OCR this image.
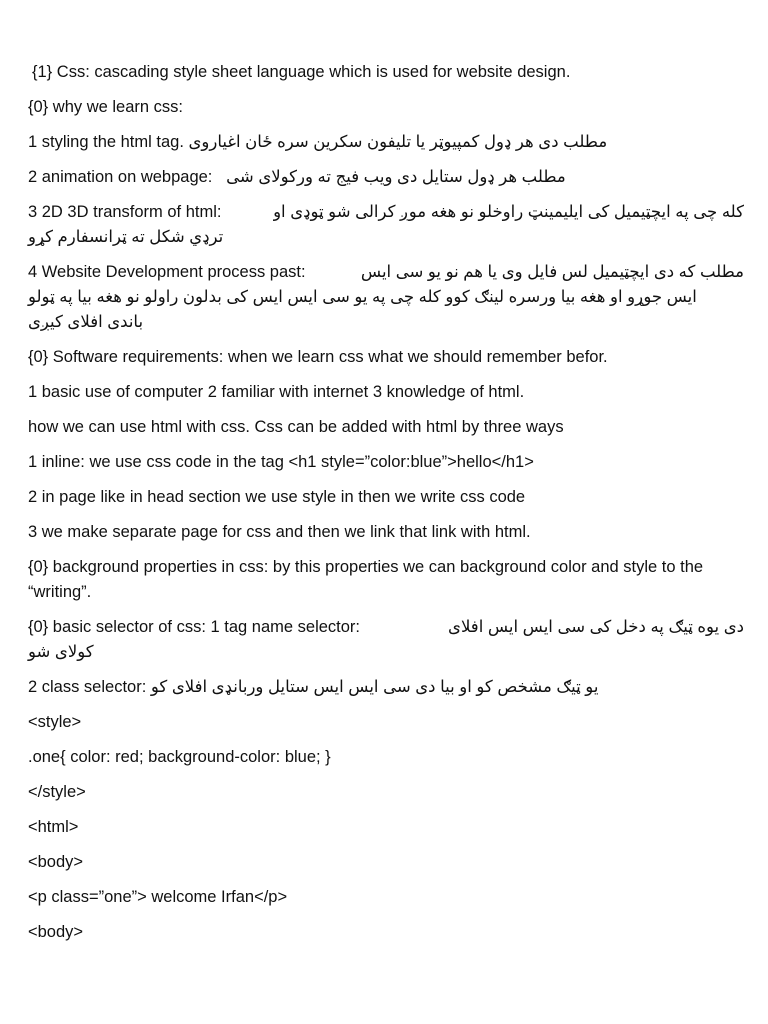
{1} Css: cascading style sheet language which is used for website design.

{0} why we learn css:

1 styling the html tag. مطلب دی هر ډول کمپیوټر یا تلیفون سکرین سره ځان اغیاروی
2 animation on webpage: مطلب هر ډول ستایل دی ویب فیج ته ورکولای شی
3 2D 3D transform of html:	کله چی په ایچټیمیل کی ایلیمینټ راوخلو نو هغه موږ کرالی شو ټوډی او
ترډي شکل ته ټرانسفارم کړو
4 Website Development process past:	مطلب که دی ایچټیمیل لس فایل وی یا هم نو یو سی ایس
ایس جوړو او هغه بیا ورسره لینګ کوو کله چی په یو سی ایس ایس کی بدلون راولو نو هغه بیا په ټولو
باندی افلای کیږی

{0} Software requirements: when we learn css what we should remember befor.

1 basic use of computer 2 familiar with internet 3 knowledge of html.

how we can use html with css. Css can be added with html by three ways

1 inline: we use css code in the tag <h1 style=”color:blue”>hello</h1>

2 in page like in head section we use style in then we write css code

3 we make separate page for css and then we link that link with html.

{0} background properties in css: by this properties we can background color and style to the “writing”.

{0} basic selector of css: 1 tag name selector:	دی یوه ټیګ په دخل کی سی ایس ایس افلای
کولای شو
2 class selector: یو ټیګ مشخص کو او بیا دی سی ایس ایس ستایل وربانډی افلای کو

<style>

.one{ color: red; background-color: blue; }

</style>

<html>

<body>

<p class=”one”> welcome Irfan</p>

<body>
